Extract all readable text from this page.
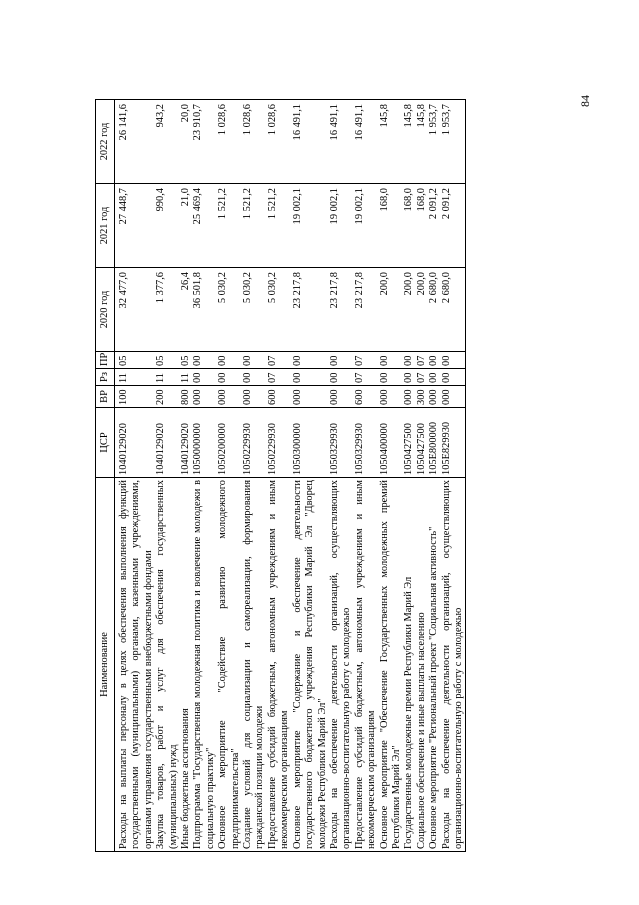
84
Наименование	ЦСР	ВР	Рз	ПР	2020 год	2021 год	2022 год
Расходы на выплаты персоналу в целях обеспечения выполнения функций государственными (муниципальными) органами, казенными учреждениями, органами управления государственными внебюджетными фондами	1040129020	100	11	05	32 477,0	27 448,7	26 141,6
Закупка товаров, работ и услуг для обеспечения государственных (муниципальных) нужд	1040129020	200	11	05	1 377,6	990,4	943,2
Иные бюджетные ассигнования	1040129020	800	11	05	26,4	21,0	20,0
Подпрограмма "Государственная молодежная политика и вовлечение молодежи в социальную практику"	1050000000	000	00	00	36 501,8	25 469,4	23 910,7
Основное мероприятие "Содействие развитию молодежного предпринимательства"	1050200000	000	00	00	5 030,2	1 521,2	1 028,6
Создание условий для социализации и самореализации, формирования гражданской позиции молодежи	1050229930	000	00	00	5 030,2	1 521,2	1 028,6
Предоставление субсидий бюджетным, автономным учреждениям и иным некоммерческим организациям	1050229930	600	07	07	5 030,2	1 521,2	1 028,6
Основное мероприятие "Содержание и обеспечение деятельности государственного бюджетного учреждения Республики Марий Эл "Дворец молодежи Республики Марий Эл"	1050300000	000	00	00	23 217,8	19 002,1	16 491,1
Расходы на обеспечение деятельности организаций, осуществляющих организационно-воспитательную работу с молодежью	1050329930	000	00	00	23 217,8	19 002,1	16 491,1
Предоставление субсидий бюджетным, автономным учреждениям и иным некоммерческим организациям	1050329930	600	07	07	23 217,8	19 002,1	16 491,1
Основное мероприятие "Обеспечение Государственных молодежных премий Республики Марий Эл"	1050400000	000	00	00	200,0	168,0	145,8
Государственные молодежные премии Республики Марий Эл	1050427500	000	00	00	200,0	168,0	145,8
Социальное обеспечение и иные выплаты населению	1050427500	300	07	07	200,0	168,0	145,8
Основное мероприятие "Региональный проект "Социальная активность"	105E800000	000	00	00	2 680,0	2 091,2	1 953,7
Расходы на обеспечение деятельности организаций, осуществляющих организационно-воспитательную работу с молодежью	105E829930	000	00	00	2 680,0	2 091,2	1 953,7
